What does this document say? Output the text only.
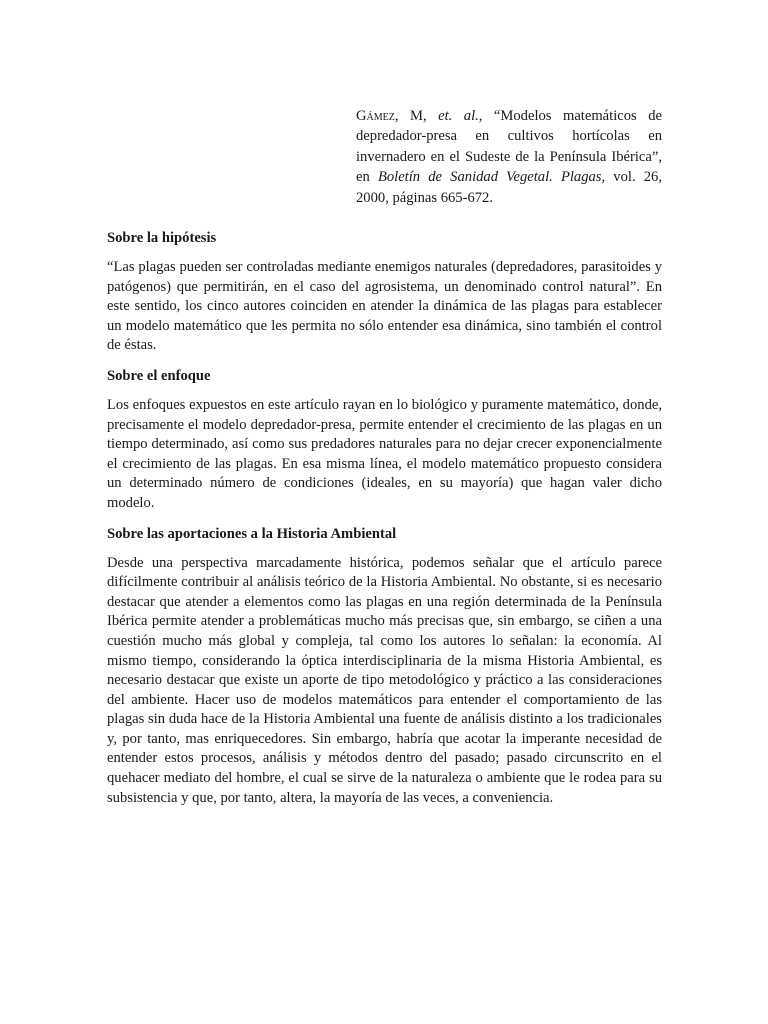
Gámez, M, et. al., “Modelos matemáticos de depredador-presa en cultivos hortícolas en invernadero en el Sudeste de la Península Ibérica”, en Boletín de Sanidad Vegetal. Plagas, vol. 26, 2000, páginas 665-672.

Sobre la hipótesis

“Las plagas pueden ser controladas mediante enemigos naturales (depredadores, parasitoides y patógenos) que permitirán, en el caso del agrosistema, un denominado control natural”. En este sentido, los cinco autores coinciden en atender la dinámica de las plagas para establecer un modelo matemático que les permita no sólo entender esa dinámica, sino también el control de éstas.

Sobre el enfoque

Los enfoques expuestos en este artículo rayan en lo biológico y puramente matemático, donde, precisamente el modelo depredador-presa, permite entender el crecimiento de las plagas en un tiempo determinado, así como sus predadores naturales para no dejar crecer exponencialmente el crecimiento de las plagas. En esa misma línea, el modelo matemático propuesto considera un determinado número de condiciones (ideales, en su mayoría) que hagan valer dicho modelo.

Sobre las aportaciones a la Historia Ambiental

Desde una perspectiva marcadamente histórica, podemos señalar que el artículo parece difícilmente contribuir al análisis teórico de la Historia Ambiental. No obstante, si es necesario destacar que atender a elementos como las plagas en una región determinada de la Península Ibérica permite atender a problemáticas mucho más precisas que, sin embargo, se ciñen a una cuestión mucho más global y compleja, tal como los autores lo señalan: la economía. Al mismo tiempo, considerando la óptica interdisciplinaria de la misma Historia Ambiental, es necesario destacar que existe un aporte de tipo metodológico y práctico a las consideraciones del ambiente. Hacer uso de modelos matemáticos para entender el comportamiento de las plagas sin duda hace de la Historia Ambiental una fuente de análisis distinto a los tradicionales y, por tanto, mas enriquecedores. Sin embargo, habría que acotar la imperante necesidad de entender estos procesos, análisis y métodos dentro del pasado; pasado circunscrito en el quehacer mediato del hombre, el cual se sirve de la naturaleza o ambiente que le rodea para su subsistencia y que, por tanto, altera, la mayoría de las veces, a conveniencia.
